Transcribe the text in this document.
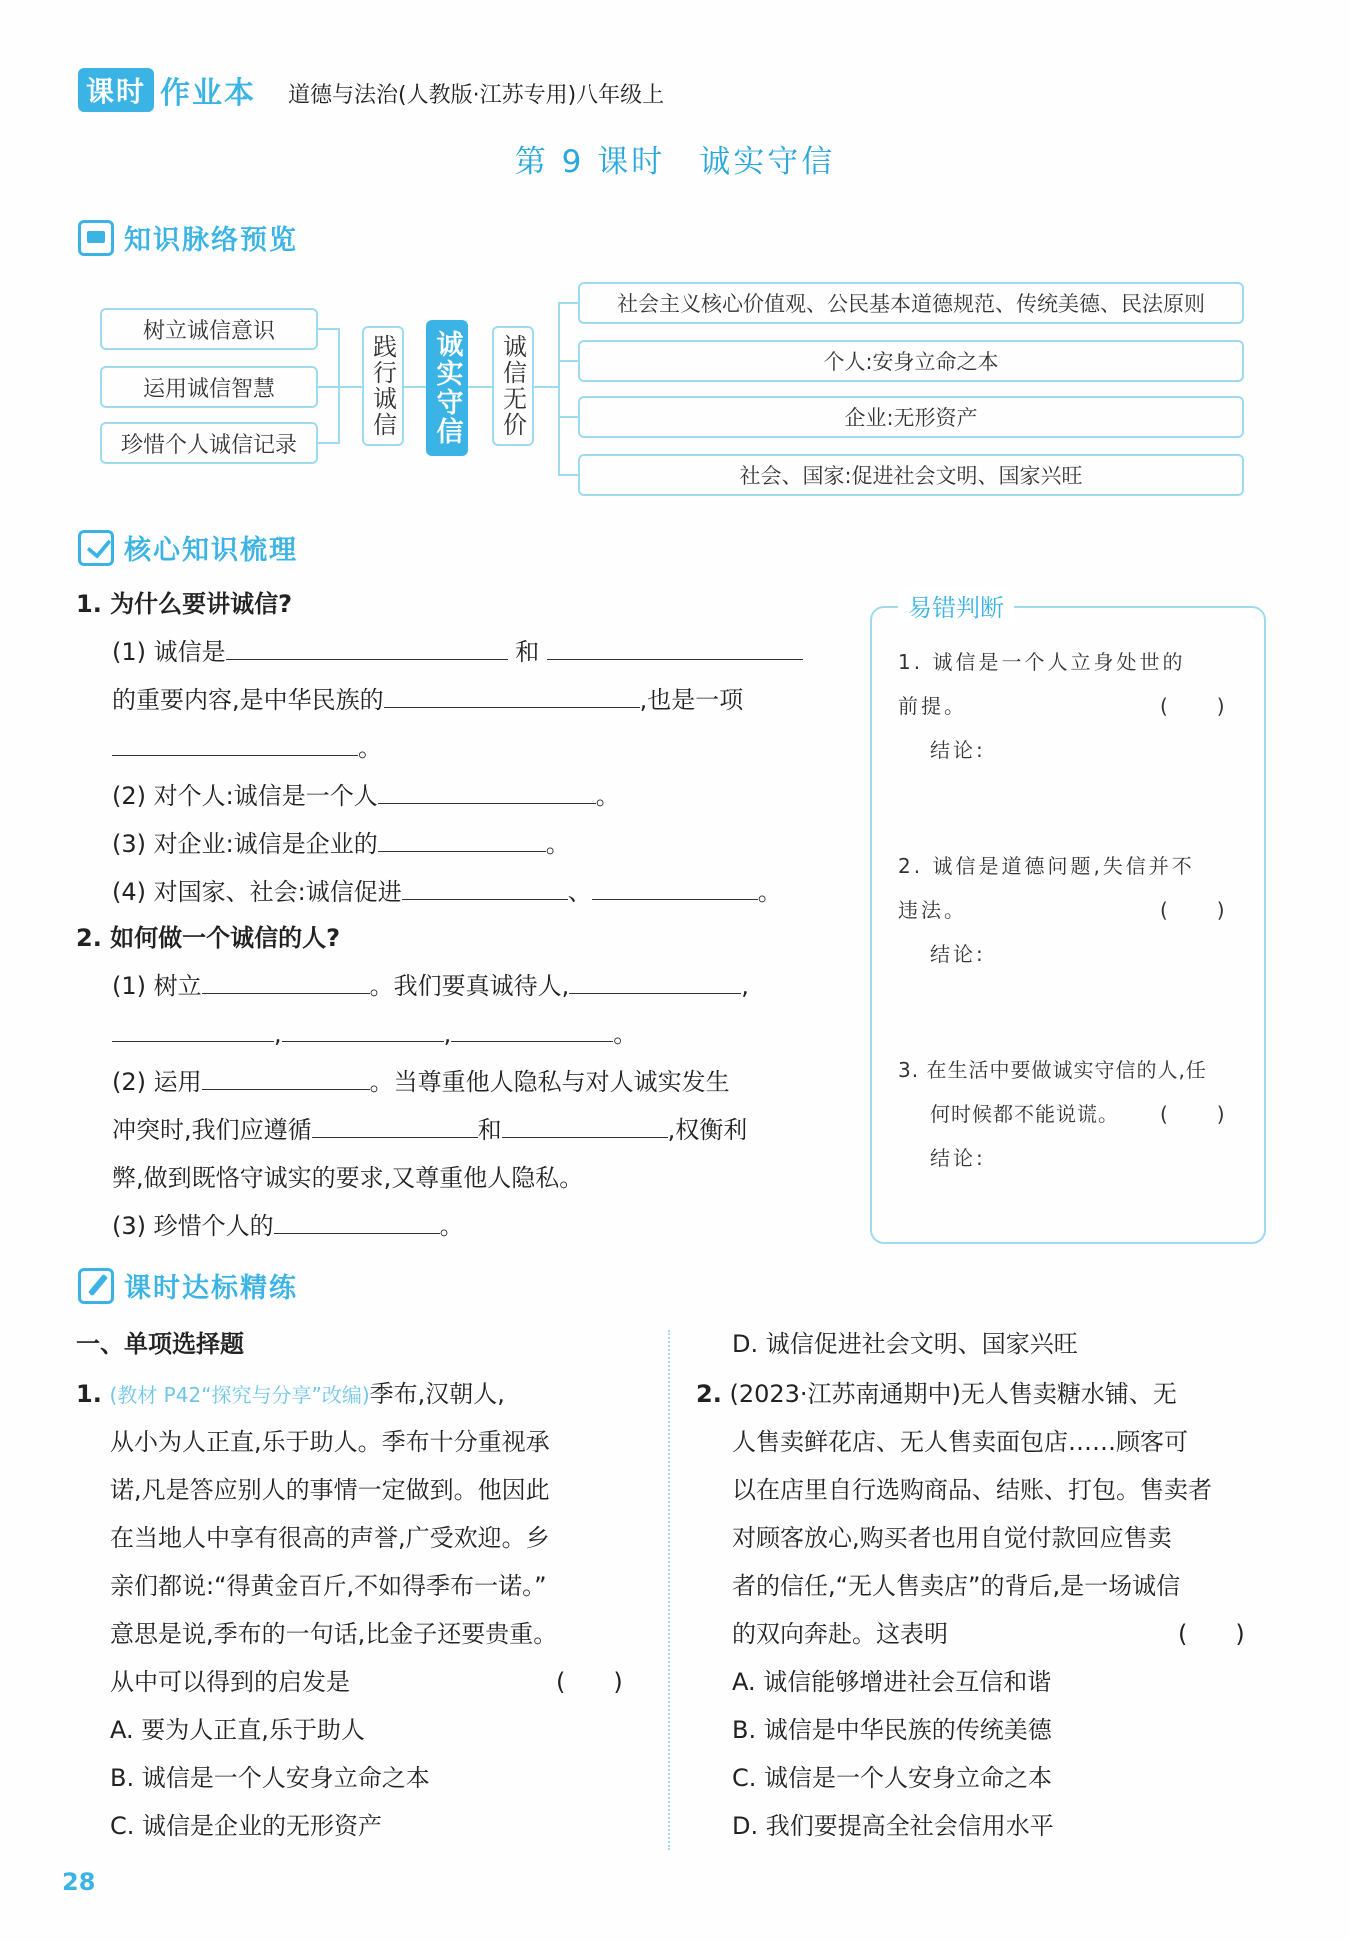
课时 作业本 道德与法治(人教版·江苏专用)八年级上
第 9 课时　诚实守信
知识脉络预览
树立诚信意识
运用诚信智慧
珍惜个人诚信记录
践行诚信 诚实守信 诚信无价
社会主义核心价值观、公民基本道德规范、传统美德、民法原则
个人:安身立命之本
企业:无形资产
社会、国家:促进社会文明、国家兴旺
核心知识梳理
1. 为什么要讲诚信?
(1) 诚信是	和
的重要内容,是中华民族的	,也是一项
。
(2) 对个人:诚信是一个人	。
(3) 对企业:诚信是企业的	。
(4) 对国家、社会:诚信促进	、	。
2. 如何做一个诚信的人?
(1) 树立	。我们要真诚待人,	,
,	,	。
(2) 运用	。当尊重他人隐私与对人诚实发生
冲突时,我们应遵循	和	,权衡利
弊,做到既恪守诚实的要求,又尊重他人隐私。
(3) 珍惜个人的	。
易错判断
1. 诚信是一个人立身处世的
前提。	(　　)
结论:
2. 诚信是道德问题,失信并不
违法。	(　　)
结论:
3. 在生活中要做诚实守信的人,任
何时候都不能说谎。 (　　)
结论:
课时达标精练
一、单项选择题
1. (教材 P42“探究与分享”改编)季布,汉朝人,
从小为人正直,乐于助人。季布十分重视承
诺,凡是答应别人的事情一定做到。他因此
在当地人中享有很高的声誉,广受欢迎。乡
亲们都说:“得黄金百斤,不如得季布一诺。”
意思是说,季布的一句话,比金子还要贵重。
从中可以得到的启发是	(　　)
A. 要为人正直,乐于助人
B. 诚信是一个人安身立命之本
C. 诚信是企业的无形资产
D. 诚信促进社会文明、国家兴旺
2. (2023·江苏南通期中)无人售卖糖水铺、无
人售卖鲜花店、无人售卖面包店……顾客可
以在店里自行选购商品、结账、打包。售卖者
对顾客放心,购买者也用自觉付款回应售卖
者的信任,“无人售卖店”的背后,是一场诚信
的双向奔赴。这表明	(　　)
A. 诚信能够增进社会互信和谐
B. 诚信是中华民族的传统美德
C. 诚信是一个人安身立命之本
D. 我们要提高全社会信用水平
28
